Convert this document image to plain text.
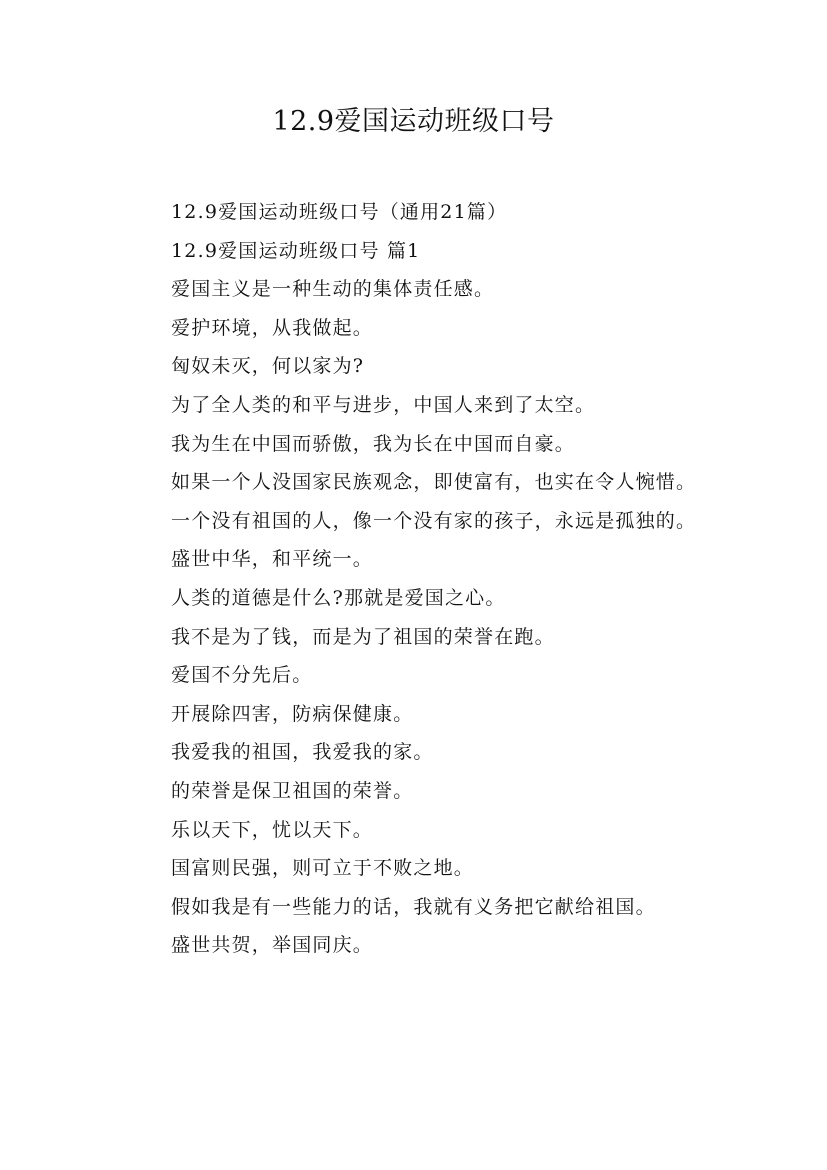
12.9爱国运动班级口号

12.9爱国运动班级口号（通用21篇）

12.9爱国运动班级口号 篇1

爱国主义是一种生动的集体责任感。

爱护环境，从我做起。

匈奴未灭，何以家为?

为了全人类的和平与进步，中国人来到了太空。

我为生在中国而骄傲，我为长在中国而自豪。

如果一个人没国家民族观念，即使富有，也实在令人惋惜。

一个没有祖国的人，像一个没有家的孩子，永远是孤独的。

盛世中华，和平统一。

人类的道德是什么?那就是爱国之心。

我不是为了钱，而是为了祖国的荣誉在跑。

爱国不分先后。

开展除四害，防病保健康。

我爱我的祖国，我爱我的家。

的荣誉是保卫祖国的荣誉。

乐以天下，忧以天下。

国富则民强，则可立于不败之地。

假如我是有一些能力的话，我就有义务把它献给祖国。

盛世共贺，举国同庆。
